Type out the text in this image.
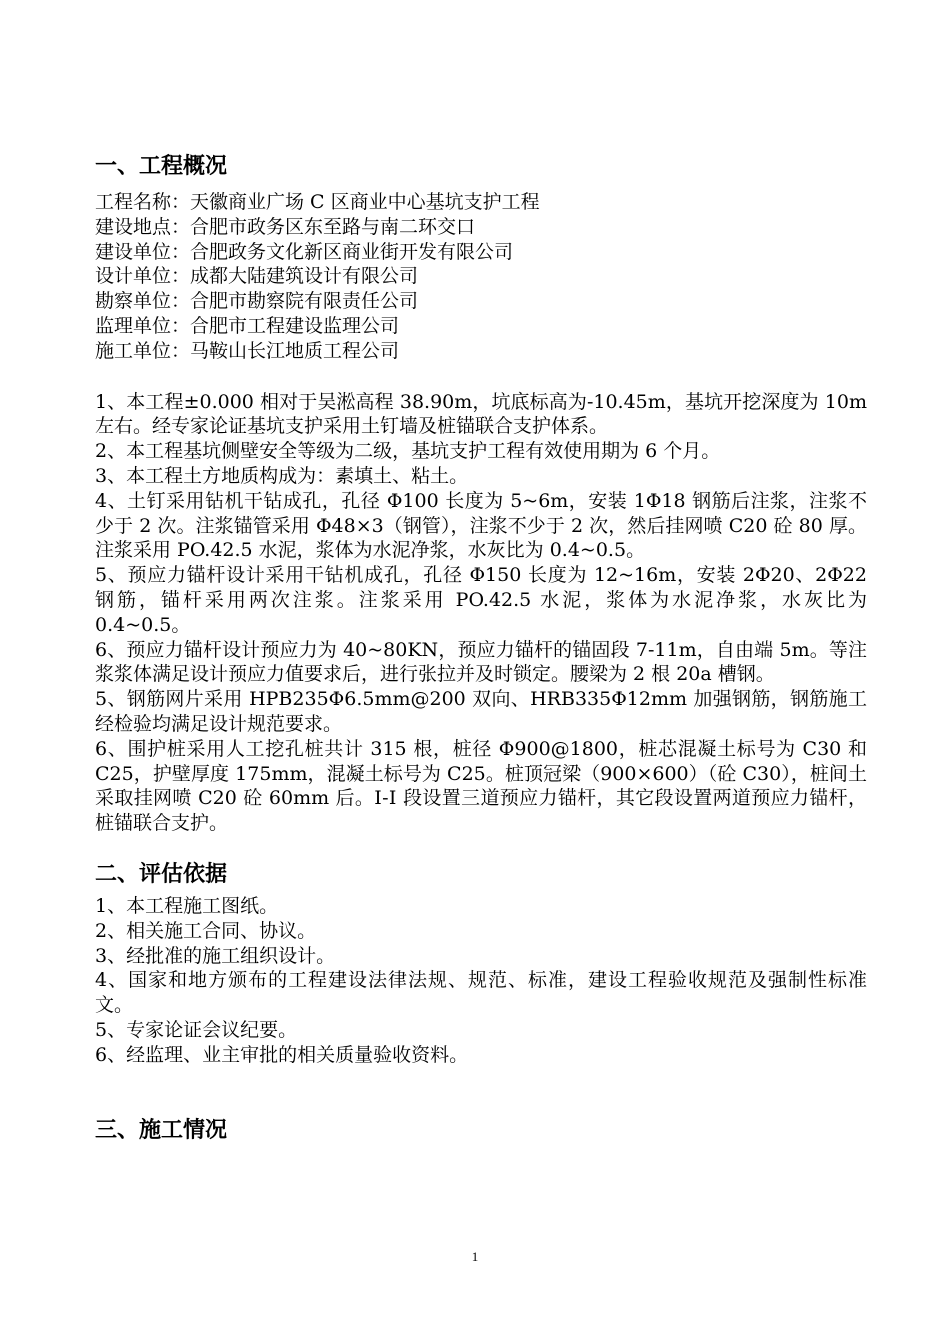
一、工程概况

工程名称：天徽商业广场 C 区商业中心基坑支护工程

建设地点：合肥市政务区东至路与南二环交口

建设单位：合肥政务文化新区商业街开发有限公司

设计单位：成都大陆建筑设计有限公司

勘察单位：合肥市勘察院有限责任公司

监理单位：合肥市工程建设监理公司

施工单位：马鞍山长江地质工程公司

1、本工程±0.000 相对于吴淞高程 38.90m，坑底标高为-10.45m，基坑开挖深度为 10m 左右。经专家论证基坑支护采用土钉墙及桩锚联合支护体系。

2、本工程基坑侧壁安全等级为二级，基坑支护工程有效使用期为 6 个月。

3、本工程土方地质构成为：素填土、粘土。

4、土钉采用钻机干钻成孔，孔径 Φ100 长度为 5~6m，安装 1Φ18 钢筋后注浆，注浆不少于 2 次。注浆锚管采用 Φ48×3（钢管），注浆不少于 2 次，然后挂网喷 C20 砼 80 厚。注浆采用 PO.42.5 水泥，浆体为水泥净浆，水灰比为 0.4~0.5。

5、预应力锚杆设计采用干钻机成孔，孔径 Φ150 长度为 12~16m，安装 2Φ20、2Φ22 钢筋，锚杆采用两次注浆。注浆采用 PO.42.5 水泥，浆体为水泥净浆，水灰比为 0.4~0.5。

6、预应力锚杆设计预应力为 40~80KN，预应力锚杆的锚固段 7-11m，自由端 5m。等注浆浆体满足设计预应力值要求后，进行张拉并及时锁定。腰梁为 2 根 20a 槽钢。

5、钢筋网片采用 HPB235Φ6.5mm@200 双向、HRB335Φ12mm 加强钢筋，钢筋施工经检验均满足设计规范要求。

6、围护桩采用人工挖孔桩共计 315 根，桩径 Φ900@1800，桩芯混凝土标号为 C30 和 C25，护壁厚度 175mm，混凝土标号为 C25。桩顶冠梁（900×600）（砼 C30），桩间土采取挂网喷 C20 砼 60mm 后。Ⅰ-Ⅰ 段设置三道预应力锚杆，其它段设置两道预应力锚杆，桩锚联合支护。

二、评估依据

1、本工程施工图纸。

2、相关施工合同、协议。

3、经批准的施工组织设计。

4、国家和地方颁布的工程建设法律法规、规范、标准，建设工程验收规范及强制性标准文。

5、专家论证会议纪要。

6、经监理、业主审批的相关质量验收资料。

三、施工情况
1
